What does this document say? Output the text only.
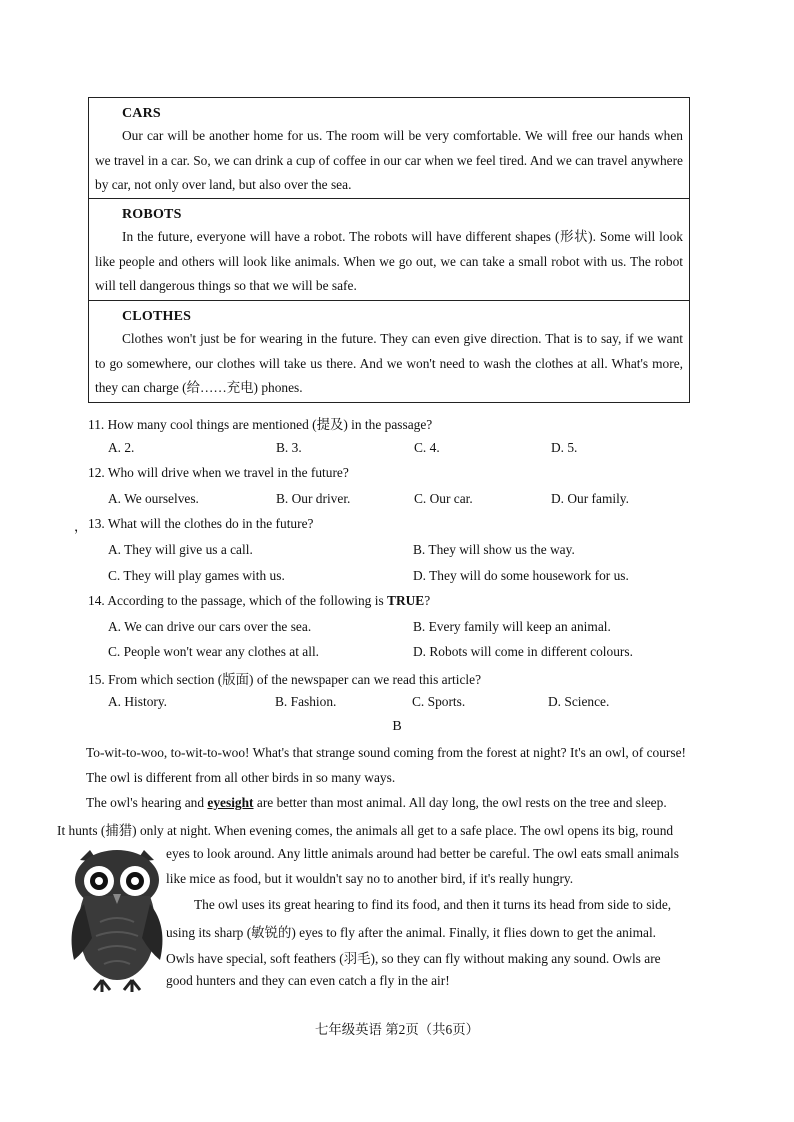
CARS
Our car will be another home for us. The room will be very comfortable. We will free our hands when we travel in a car. So, we can drink a cup of coffee in our car when we feel tired. And we can travel anywhere by car, not only over land, but also over the sea.
ROBOTS
In the future, everyone will have a robot. The robots will have different shapes (形状). Some will look like people and others will look like animals. When we go out, we can take a small robot with us. The robot will tell dangerous things so that we will be safe.
CLOTHES
Clothes won't just be for wearing in the future. They can even give direction. That is to say, if we want to go somewhere, our clothes will take us there. And we won't need to wash the clothes at all. What's more, they can charge (给……充电) phones.
11. How many cool things are mentioned (提及) in the passage?
A. 2.	B. 3.	C. 4.	D. 5.
12. Who will drive when we travel in the future?
A. We ourselves.	B. Our driver.	C. Our car.	D. Our family.
， 13. What will the clothes do in the future?
A. They will give us a call.	B. They will show us the way.
C. They will play games with us.	D. They will do some housework for us.
14. According to the passage, which of the following is TRUE?
A. We can drive our cars over the sea.	B. Every family will keep an animal.
C. People won't wear any clothes at all.	D. Robots will come in different colours.
15. From which section (版面) of the newspaper can we read this article?
A. History.	B. Fashion.	C. Sports.	D. Science.
B
To-wit-to-woo, to-wit-to-woo! What's that strange sound coming from the forest at night? It's an owl, of course! The owl is different from all other birds in so many ways.
The owl's hearing and eyesight are better than most animal. All day long, the owl rests on the tree and sleep.
It hunts (捕猎) only at night. When evening comes, the animals all get to a safe place. The owl opens its big, round
eyes to look around. Any little animals around had better be careful. The owl eats small animals
like mice as food, but it wouldn't say no to another bird, if it's really hungry.
The owl uses its great hearing to find its food, and then it turns its head from side to side,
using its sharp (敏锐的) eyes to fly after the animal. Finally, it flies down to get the animal.
Owls have special, soft feathers (羽毛), so they can fly without making any sound. Owls are
good hunters and they can even catch a fly in the air!
七年级英语 第2页（共6页）
